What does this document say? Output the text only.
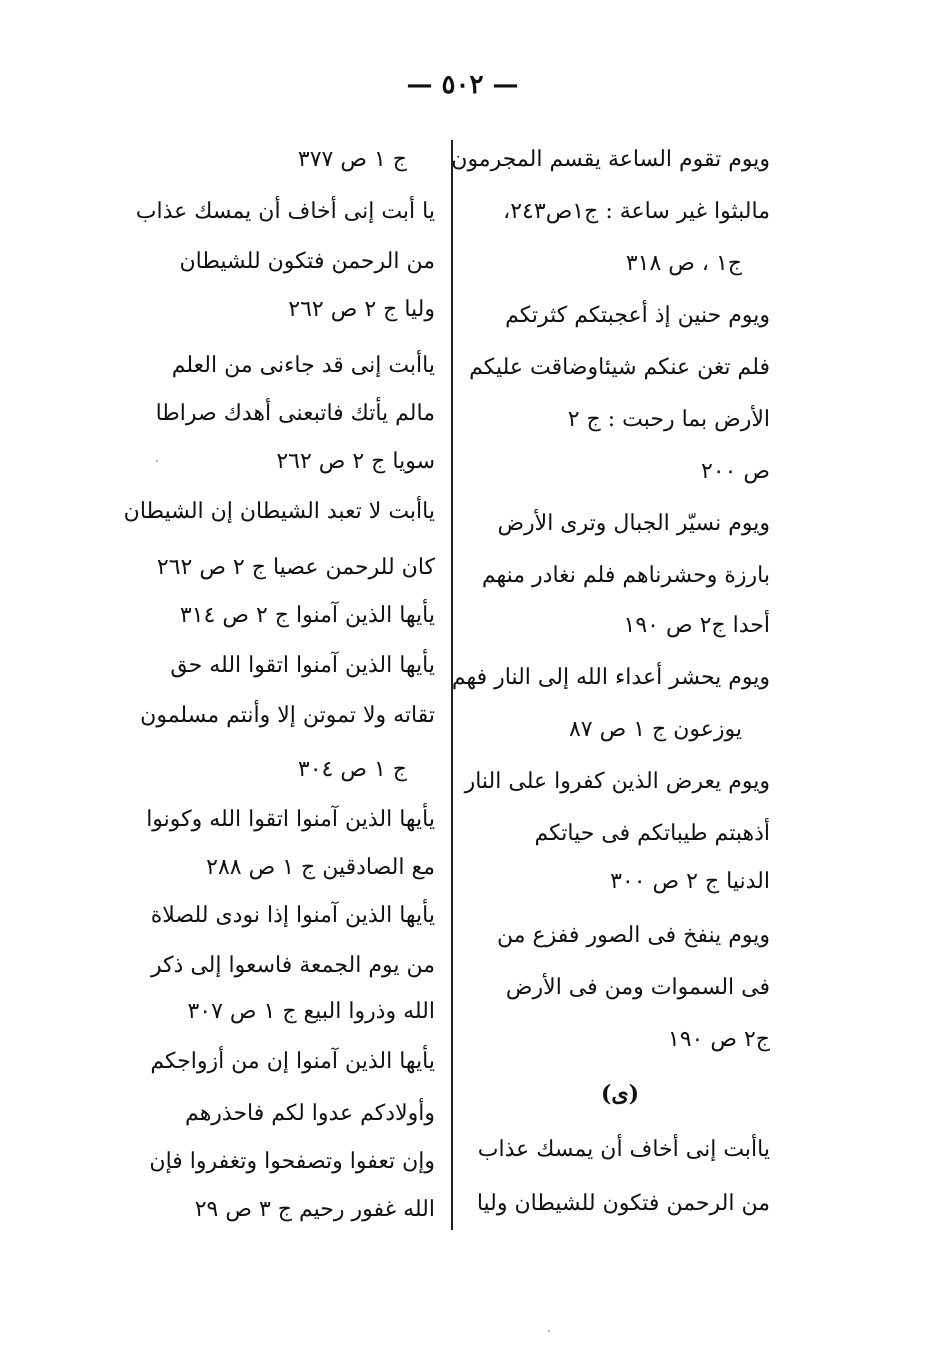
— ٥٠٢ —
ويوم تقوم الساعة يقسم المجرمون
مالبثوا غير ساعة : ج١ص٢٤٣،
ج١ ، ص ٣١٨
ويوم حنين إذ أعجبتكم كثرتكم
فلم تغن عنكم شيئاوضاقت عليكم
الأرض بما رحبت : ج ٢
ص ٢٠٠
ويوم نسيّر الجبال وترى الأرض
بارزة وحشرناهم فلم نغادر منهم
أحدا ج٢ ص ١٩٠
ويوم يحشر أعداء الله إلى النار فهم
يوزعون ج ١ ص ٨٧
ويوم يعرض الذين كفروا على النار
أذهبتم طيباتكم فى حياتكم
الدنيا ج ٢ ص ٣٠٠
ويوم ينفخ فى الصور ففزع من
فى السموات ومن فى الأرض
ج٢ ص ١٩٠
(ى)
ياأبت إنى أخاف أن يمسك عذاب
من الرحمن فتكون للشيطان وليا
ج ١ ص ٣٧٧
يا أبت إنى أخاف أن يمسك عذاب
من الرحمن فتكون للشيطان
وليا ج ٢ ص ٢٦٢
ياأبت إنى قد جاءنى من العلم
مالم يأتك فاتبعنى أهدك صراطا
سويا ج ٢ ص ٢٦٢
ياأبت لا تعبد الشيطان إن الشيطان
كان للرحمن عصيا ج ٢ ص ٢٦٢
يأيها الذين آمنوا ج ٢ ص ٣١٤
يأيها الذين آمنوا اتقوا الله حق
تقاته ولا تموتن إلا وأنتم مسلمون
ج ١ ص ٣٠٤
يأيها الذين آمنوا اتقوا الله وكونوا
مع الصادقين ج ١ ص ٢٨٨
يأيها الذين آمنوا إذا نودى للصلاة
من يوم الجمعة فاسعوا إلى ذكر
الله وذروا البيع ج ١ ص ٣٠٧
يأيها الذين آمنوا إن من أزواجكم
وأولادكم عدوا لكم فاحذرهم
وإن تعفوا وتصفحوا وتغفروا فإن
الله غفور رحيم ج ٣ ص ٢٩
